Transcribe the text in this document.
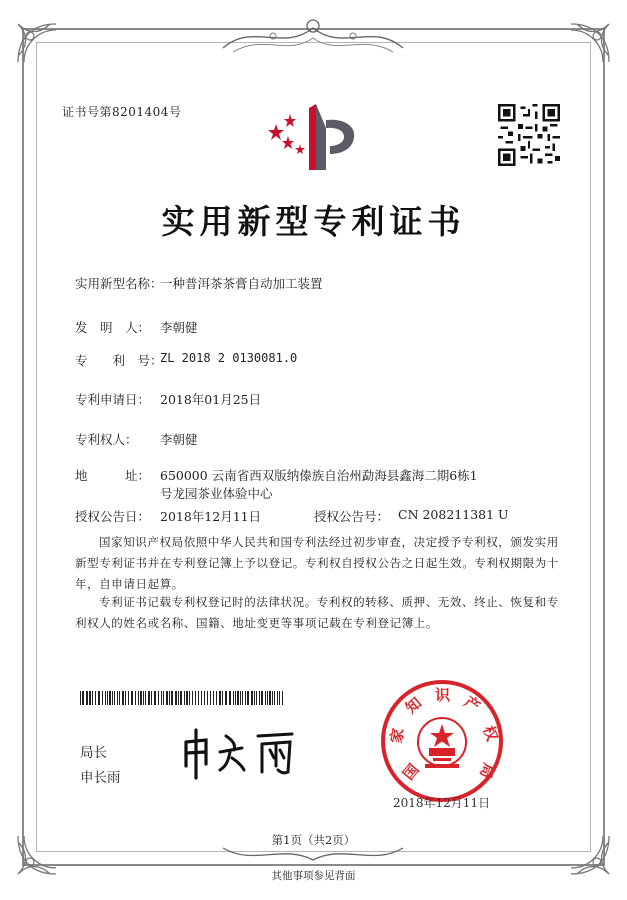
证书号第8201404号
实用新型专利证书
实用新型名称：
一种普洱茶茶膏自动加工装置
发　明　人： 李朝健
专　　利　号：
ZL 2018 2 0130081.0
专利申请日： 2018年01月25日
专利权人： 李朝健
地　　　址： 650000 云南省西双版纳傣族自治州勐海县鑫海二期6栋1
号龙园茶业体验中心
授权公告日： 2018年12月11日	授权公告号： CN 208211381 U
国家知识产权局依照中华人民共和国专利法经过初步审查，决定授予专利权，颁发实用
新型专利证书并在专利登记簿上予以登记。专利权自授权公告之日起生效。专利权期限为十
年，自申请日起算。
专利证书记载专利权登记时的法律状况。专利权的转移、质押、无效、终止、恢复和专
利权人的姓名或名称、国籍、地址变更等事项记载在专利登记簿上。
局长
申长雨	国
家
知 识 产
权
局
2018年12月11日
第1页（共2页）
其他事项参见背面
